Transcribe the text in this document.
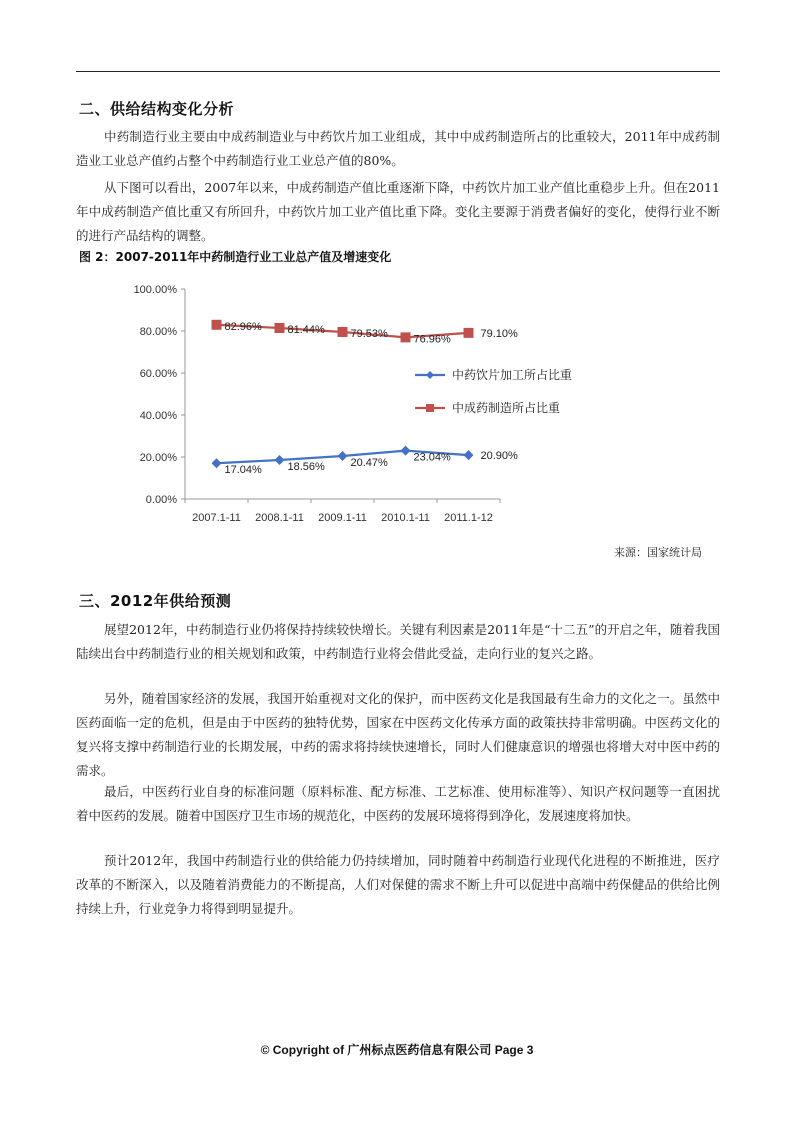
二、供给结构变化分析

中药制造行业主要由中成药制造业与中药饮片加工业组成，其中中成药制造所占的比重较大，2011年中成药制造业工业总产值约占整个中药制造行业工业总产值的80%。

从下图可以看出，2007年以来，中成药制造产值比重逐渐下降，中药饮片加工业产值比重稳步上升。但在2011年中成药制造产值比重又有所回升，中药饮片加工业产值比重下降。变化主要源于消费者偏好的变化，使得行业不断的进行产品结构的调整。

图 2：2007-2011年中药制造行业工业总产值及增速变化
0.00%
20.00%
40.00%
60.00%
80.00%
100.00%
2007.1-11 2008.1-11 2009.1-11 2010.1-11 2011.1-12
17.04% 18.56% 20.47% 23.04%	20.90%
82.96% 81.44% 79.53% 76.96%	79.10%
中药饮片加工所占比重
中成药制造所占比重
来源：国家统计局
三、2012年供给预测

展望2012年，中药制造行业仍将保持持续较快增长。关键有利因素是2011年是“十二五”的开启之年，随着我国陆续出台中药制造行业的相关规划和政策，中药制造行业将会借此受益，走向行业的复兴之路。

另外，随着国家经济的发展，我国开始重视对文化的保护，而中医药文化是我国最有生命力的文化之一。虽然中医药面临一定的危机，但是由于中医药的独特优势，国家在中医药文化传承方面的政策扶持非常明确。中医药文化的复兴将支撑中药制造行业的长期发展，中药的需求将持续快速增长，同时人们健康意识的增强也将增大对中医中药的需求。

最后，中医药行业自身的标准问题（原料标准、配方标准、工艺标准、使用标准等）、知识产权问题等一直困扰着中医药的发展。随着中国医疗卫生市场的规范化，中医药的发展环境将得到净化，发展速度将加快。

预计2012年，我国中药制造行业的供给能力仍持续增加，同时随着中药制造行业现代化进程的不断推进，医疗改革的不断深入，以及随着消费能力的不断提高，人们对保健的需求不断上升可以促进中高端中药保健品的供给比例持续上升，行业竞争力将得到明显提升。

© Copyright of 广州标点医药信息有限公司 Page 3
